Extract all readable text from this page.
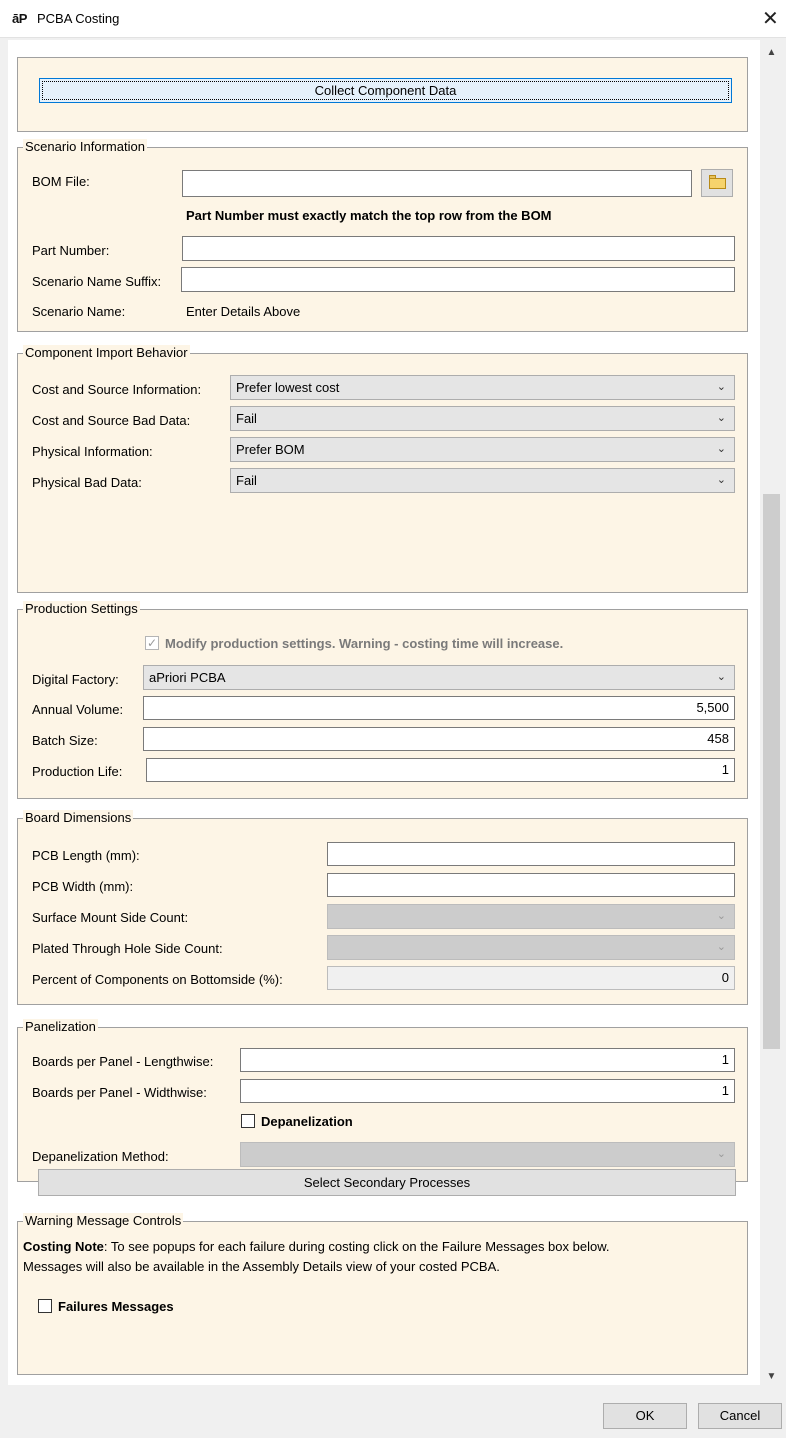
āP PCBA Costing	✕
▲
▼
Collect Component Data
Scenario Information
BOM File:
Part Number must exactly match the top row from the BOM
Part Number:
Scenario Name Suffix:
Scenario Name:	Enter Details Above
Component Import Behavior
Cost and Source Information:	Prefer lowest cost	⌄
Cost and Source Bad Data:	Fail	⌄
Physical Information:	Prefer BOM	⌄
Physical Bad Data:	Fail	⌄
Production Settings
✓ Modify production settings. Warning - costing time will increase.
Digital Factory:	aPriori PCBA	⌄
Annual Volume:	5,500
Batch Size:	458
Production Life:	1
Board Dimensions
PCB Length (mm):
PCB Width (mm):
Surface Mount Side Count:	⌄
Plated Through Hole Side Count:	⌄
Percent of Components on Bottomside (%):	0
Panelization
Boards per Panel - Lengthwise:	1
Boards per Panel - Widthwise:	1
Depanelization
Depanelization Method:	⌄
Select Secondary Processes
Warning Message Controls
Costing Note: To see popups for each failure during costing click on the Failure Messages box below.
Messages will also be available in the Assembly Details view of your costed PCBA.
Failures Messages
OK	Cancel
